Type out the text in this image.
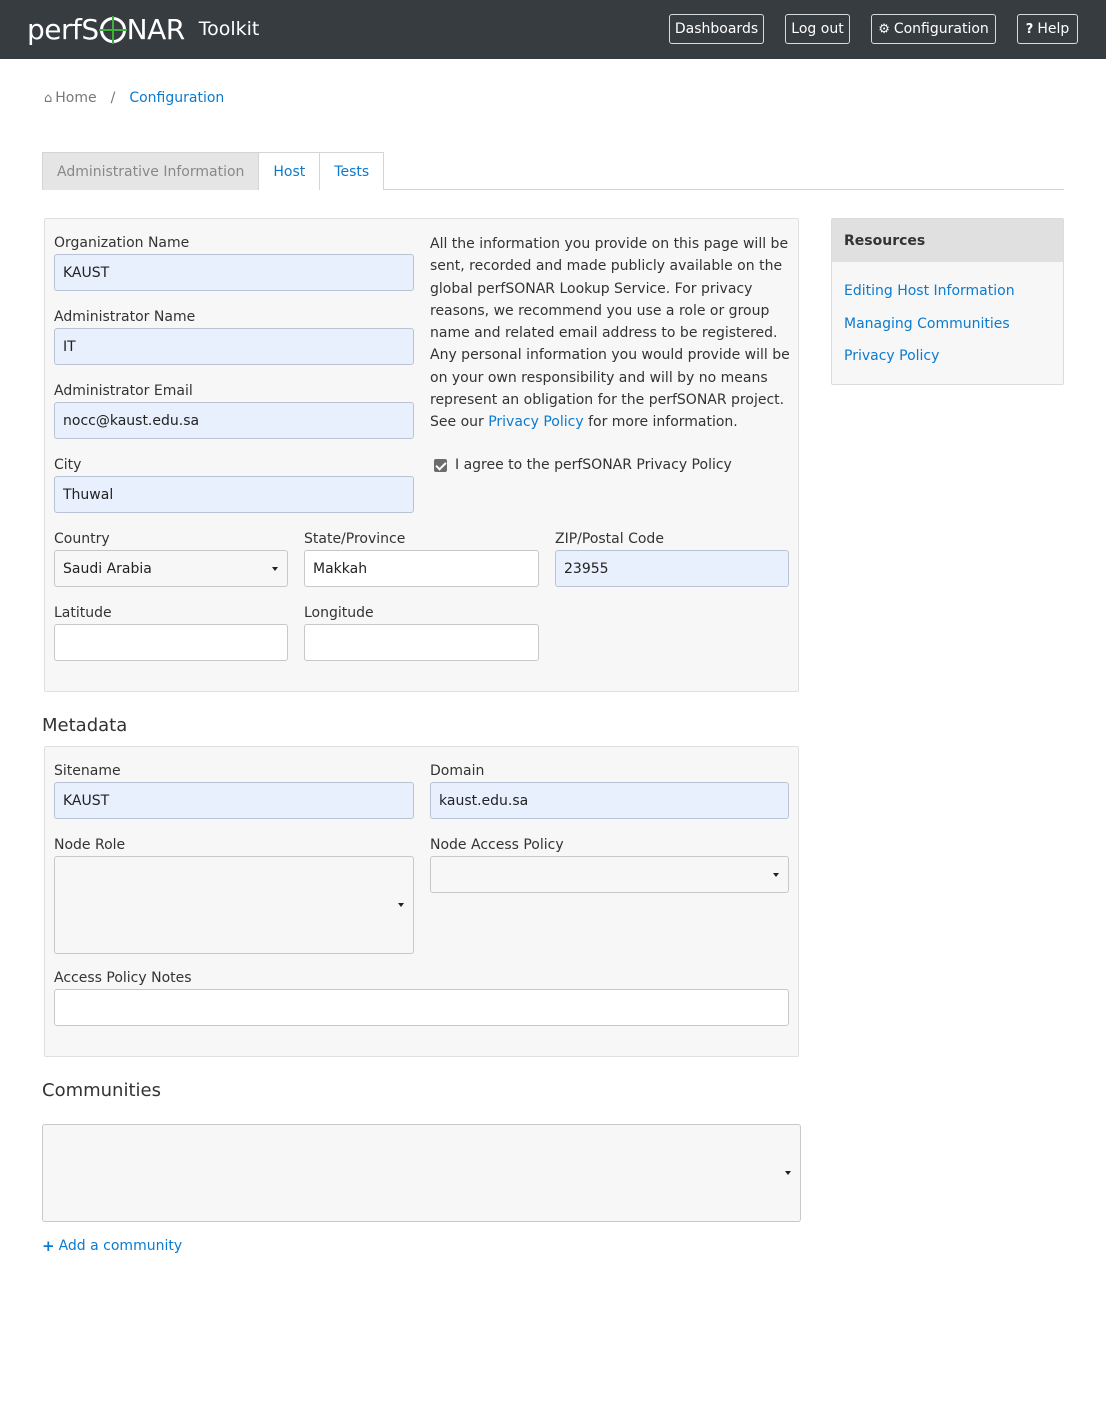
perfS NAR Toolkit	Dashboards Log out	⚙ Configuration	? Help
⌂ Home / Configuration
Administrative Information	Host	Tests
Organization Name
KAUST
Administrator Name
IT
Administrator Email
nocc@kaust.edu.sa
City
Thuwal
All the information you provide on this page will be sent, recorded and made publicly available on the global perfSONAR Lookup Service. For privacy reasons, we recommend you use a role or group name and related email address to be registered. Any personal information you would provide will be on your own responsibility and will by no means represent an obligation for the perfSONAR project. See our Privacy Policy for more information.
I agree to the perfSONAR Privacy Policy
Country
Saudi Arabia
State/Province
Makkah
ZIP/Postal Code
23955
Latitude	Longitude
Metadata
Sitename
KAUST
Domain
kaust.edu.sa
Node Role	Node Access Policy
Access Policy Notes
Communities
+ Add a community
Resources
Editing Host Information
Managing Communities
Privacy Policy
